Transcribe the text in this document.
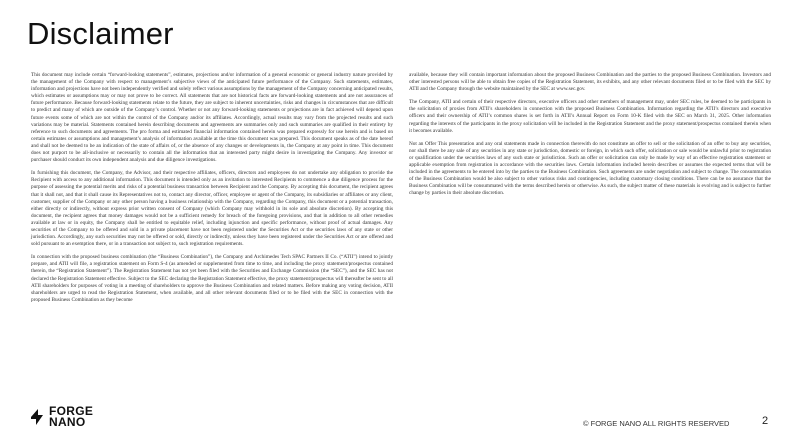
Disclaimer

This document may include certain “forward-looking statements”, estimates, projections and/or information of a general economic or general industry nature provided by the management of the Company with respect to management’s subjective views of the anticipated future performance of the Company. Such statements, estimates, information and projections have not been independently verified and solely reflect various assumptions by the management of the Company concerning anticipated results, which estimates or assumptions may or may not prove to be correct. All statements that are not historical facts are forward-looking statements and are not assurances of future performance. Because forward-looking statements relate to the future, they are subject to inherent uncertainties, risks and changes in circumstances that are difficult to predict and many of which are outside of the Company’s control. Whether or not any forward-looking statements or projections are in fact achieved will depend upon future events some of which are not within the control of the Company and/or its affiliates. Accordingly, actual results may vary from the projected results and such variations may be material. Statements contained herein describing documents and agreements are summaries only and such summaries are qualified in their entirety by reference to such documents and agreements. The pro forma and estimated financial information contained herein was prepared expressly for use herein and is based on certain estimates or assumptions and management’s analysis of information available at the time this document was prepared. This document speaks as of the date hereof and shall not be deemed to be an indication of the state of affairs of, or the absence of any changes or developments in, the Company at any point in time. This document does not purport to be all-inclusive or necessarily to contain all the information that an interested party might desire in investigating the Company. Any investor or purchaser should conduct its own independent analysis and due diligence investigations.

In furnishing this document, the Company, the Advisor, and their respective affiliates, officers, directors and employees do not undertake any obligation to provide the Recipient with access to any additional information. This document is intended only as an invitation to interested Recipients to commence a due diligence process for the purpose of assessing the potential merits and risks of a potential business transaction between Recipient and the Company. By accepting this document, the recipient agrees that it shall not, and that it shall cause its Representatives not to, contact any director, officer, employee or agent of the Company, its subsidiaries or affiliates or any client, customer, supplier of the Company or any other person having a business relationship with the Company, regarding the Company, this document or a potential transaction, either directly or indirectly, without express prior written consent of Company (which Company may withhold in its sole and absolute discretion). By accepting this document, the recipient agrees that money damages would not be a sufficient remedy for breach of the foregoing provisions, and that in addition to all other remedies available at law or in equity, the Company shall be entitled to equitable relief, including injunction and specific performance, without proof of actual damages. Any securities of the Company to be offered and sold in a private placement have not been registered under the Securities Act or the securities laws of any state or other jurisdiction. Accordingly, any such securities may not be offered or sold, directly or indirectly, unless they have been registered under the Securities Act or are offered and sold pursuant to an exemption there, or in a transaction not subject to, such registration requirements.

In connection with the proposed business combination (the “Business Combination”), the Company and Archimedes Tech SPAC Partners II Co. (“ATII”) intend to jointly prepare, and ATII will file, a registration statement on Form S-4 (as amended or supplemented from time to time, and including the proxy statement/prospectus contained therein, the “Registration Statement”). The Registration Statement has not yet been filed with the Securities and Exchange Commission (the “SEC”), and the SEC has not declared the Registration Statement effective. Subject to the SEC declaring the Registration Statement effective, the proxy statement/prospectus will thereafter be sent to all ATII shareholders for purposes of voting in a meeting of shareholders to approve the Business Combination and related matters. Before making any voting decision, ATII shareholders are urged to read the Registration Statement, when available, and all other relevant documents filed or to be filed with the SEC in connection with the proposed Business Combination as they become

available, because they will contain important information about the proposed Business Combination and the parties to the proposed Business Combination. Investors and other interested persons will be able to obtain free copies of the Registration Statement, its exhibits, and any other relevant documents filed or to be filed with the SEC by ATII and the Company through the website maintained by the SEC at www.sec.gov.

The Company, ATII and certain of their respective directors, executive officers and other members of management may, under SEC rules, be deemed to be participants in the solicitation of proxies from ATII’s shareholders in connection with the proposed Business Combination. Information regarding the ATII’s directors and executive officers and their ownership of ATII’s common shares is set forth in ATII’s Annual Report on Form 10-K filed with the SEC on March 31, 2025. Other information regarding the interests of the participants in the proxy solicitation will be included in the Registration Statement and the proxy statement/prospectus contained therein when it becomes available.

Not an Offer This presentation and any oral statements made in connection therewith do not constitute an offer to sell or the solicitation of an offer to buy any securities, nor shall there be any sale of any securities in any state or jurisdiction, domestic or foreign, in which such offer, solicitation or sale would be unlawful prior to registration or qualification under the securities laws of any such state or jurisdiction. Such an offer or solicitation can only be made by way of an effective registration statement or applicable exemption from registration in accordance with the securities laws. Certain information included herein describes or assumes the expected terms that will be included in the agreements to be entered into by the parties to the Business Combination. Such agreements are under negotiation and subject to change. The consummation of the Business Combination would be also subject to other various risks and contingencies, including customary closing conditions. There can be no assurance that the Business Combination will be consummated with the terms described herein or otherwise. As such, the subject matter of these materials is evolving and is subject to further change by parties in their absolute discretion.

FORGE
NANO	© FORGE NANO ALL RIGHTS RESERVED	2
